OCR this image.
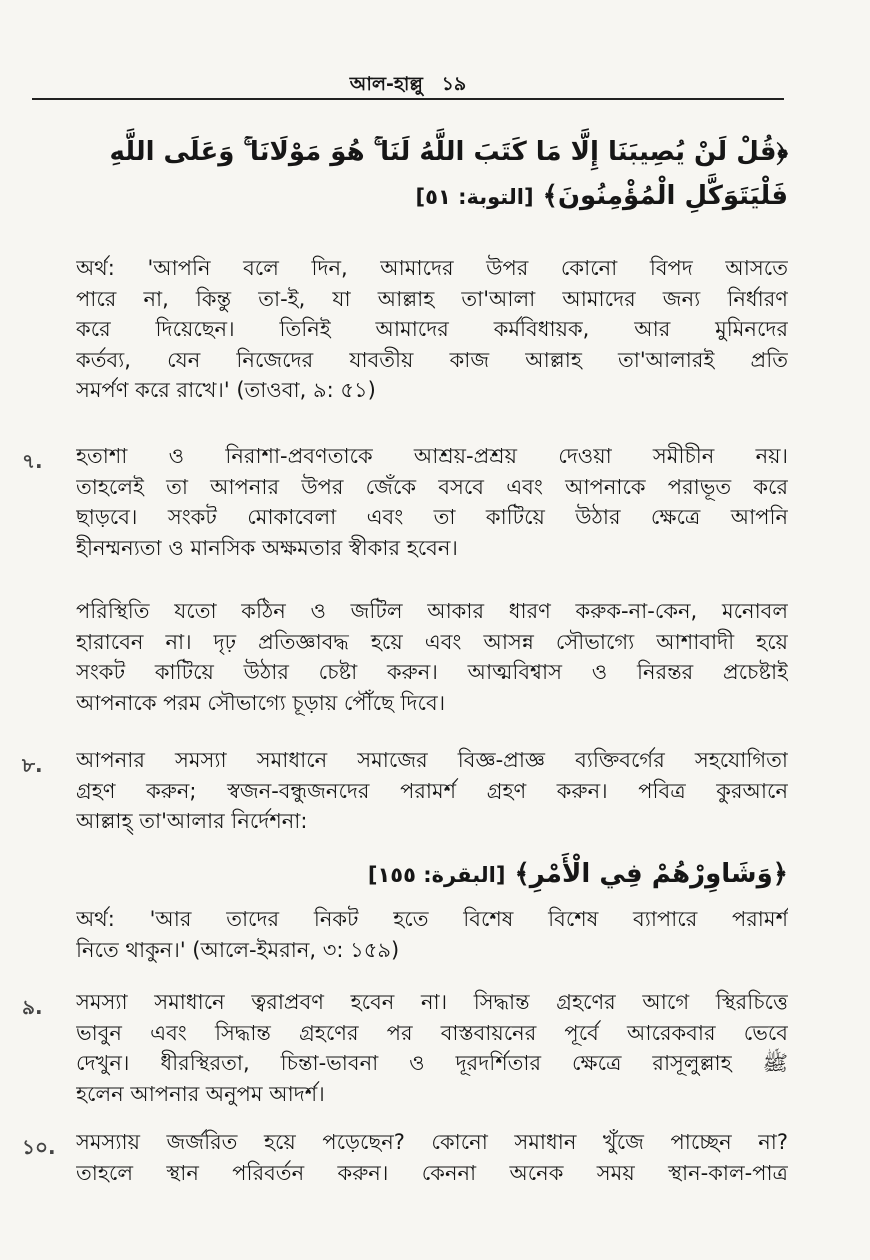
আল-হাল্লু ১৯
﴿قُلْ لَنْ يُصِيبَنَا إِلَّا مَا كَتَبَ اللَّهُ لَنَا ۚ هُوَ مَوْلَانَا ۚ وَعَلَى اللَّهِ
فَلْيَتَوَكَّلِ الْمُؤْمِنُونَ﴾ [التوبة: ٥١]
অর্থ: 'আপনি বলে দিন, আমাদের উপর কোনো বিপদ আসতে
পারে না, কিন্তু তা-ই, যা আল্লাহ তা'আলা আমাদের জন্য নির্ধারণ
করে দিয়েছেন। তিনিই আমাদের কর্মবিধায়ক, আর মুমিনদের
কর্তব্য, যেন নিজেদের যাবতীয় কাজ আল্লাহ তা'আলারই প্রতি
সমর্পণ করে রাখে।' (তাওবা, ৯: ৫১)
৭. হতাশা ও নিরাশা-প্রবণতাকে আশ্রয়-প্রশ্রয় দেওয়া সমীচীন নয়।
তাহলেই তা আপনার উপর জেঁকে বসবে এবং আপনাকে পরাভূত করে
ছাড়বে। সংকট মোকাবেলা এবং তা কাটিয়ে উঠার ক্ষেত্রে আপনি
হীনম্মন্যতা ও মানসিক অক্ষমতার স্বীকার হবেন।
পরিস্থিতি যতো কঠিন ও জটিল আকার ধারণ করুক-না-কেন, মনোবল
হারাবেন না। দৃঢ় প্রতিজ্ঞাবদ্ধ হয়ে এবং আসন্ন সৌভাগ্যে আশাবাদী হয়ে
সংকট কাটিয়ে উঠার চেষ্টা করুন। আত্মবিশ্বাস ও নিরন্তর প্রচেষ্টাই
আপনাকে পরম সৌভাগ্যে চূড়ায় পৌঁছে দিবে।
৮. আপনার সমস্যা সমাধানে সমাজের বিজ্ঞ-প্রাজ্ঞ ব্যক্তিবর্গের সহযোগিতা
গ্রহণ করুন; স্বজন-বন্ধুজনদের পরামর্শ গ্রহণ করুন। পবিত্র কুরআনে
আল্লাহ্ তা'আলার নির্দেশনা:
﴿وَشَاوِرْهُمْ فِي الْأَمْرِ﴾ [البقرة: ١٥٥]
অর্থ: 'আর তাদের নিকট হতে বিশেষ বিশেষ ব্যাপারে পরামর্শ
নিতে থাকুন।' (আলে-ইমরান, ৩: ১৫৯)
৯. সমস্যা সমাধানে ত্বরাপ্রবণ হবেন না। সিদ্ধান্ত গ্রহণের আগে স্থিরচিত্তে
ভাবুন এবং সিদ্ধান্ত গ্রহণের পর বাস্তবায়নের পূর্বে আরেকবার ভেবে
দেখুন। ধীরস্থিরতা, চিন্তা-ভাবনা ও দূরদর্শিতার ক্ষেত্রে রাসূলুল্লাহ ﷺ
হলেন আপনার অনুপম আদর্শ।
১০. সমস্যায় জর্জরিত হয়ে পড়েছেন? কোনো সমাধান খুঁজে পাচ্ছেন না?
তাহলে স্থান পরিবর্তন করুন। কেননা অনেক সময় স্থান-কাল-পাত্র
